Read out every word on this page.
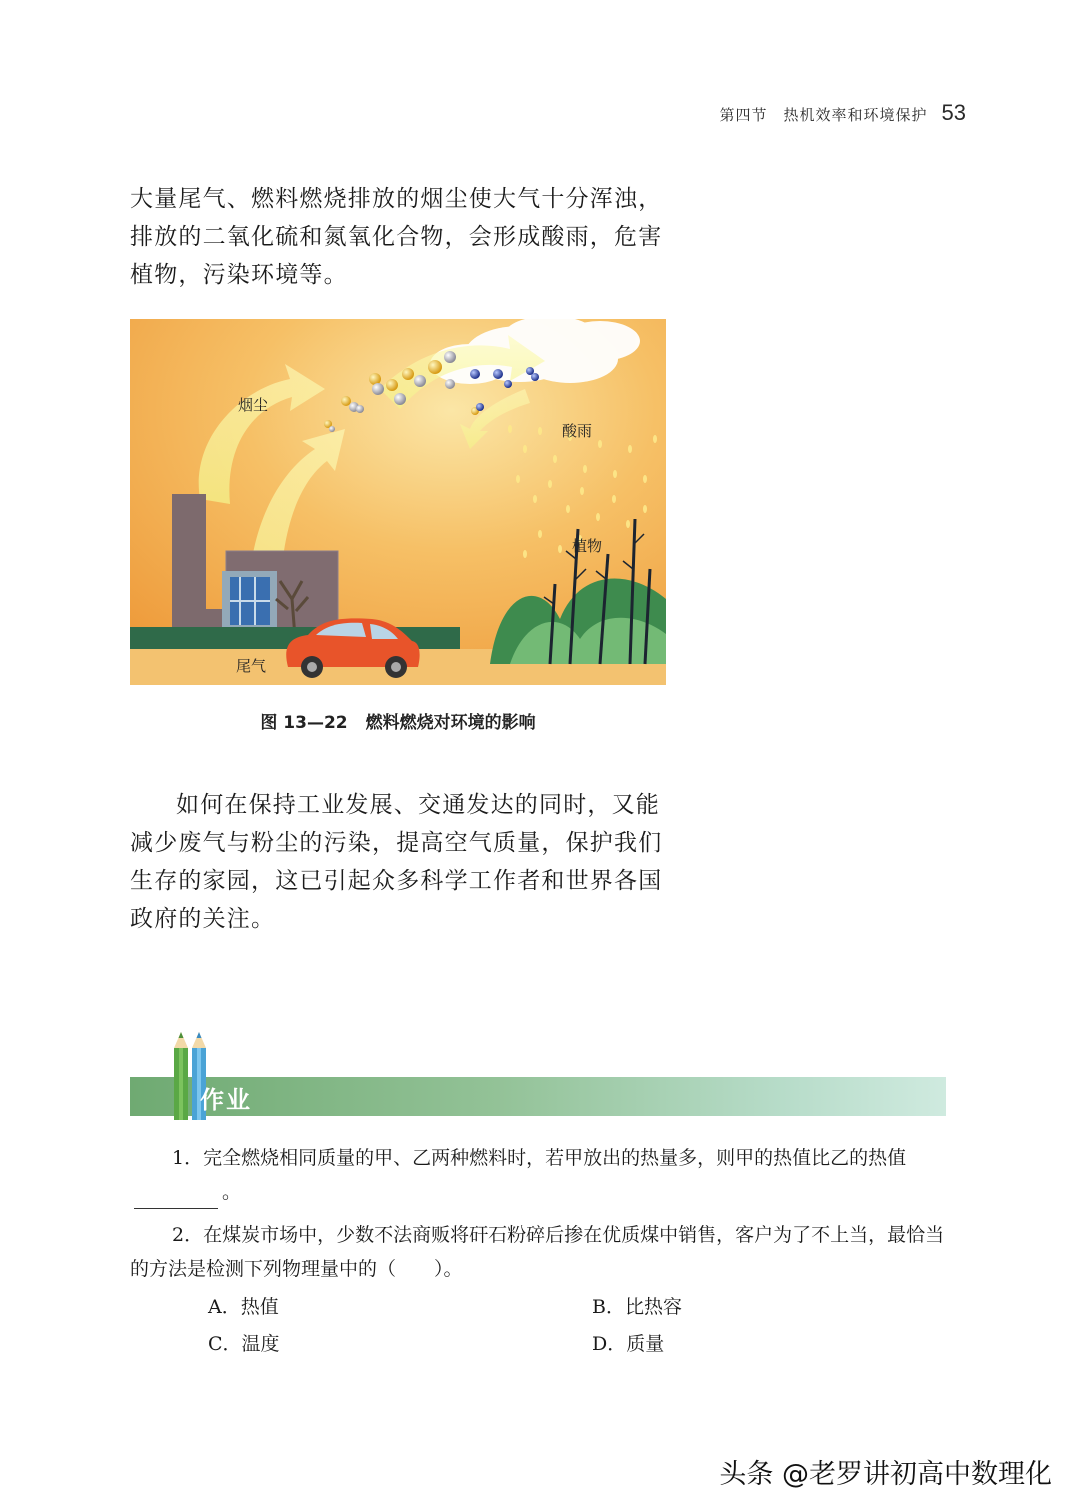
第四节　热机效率和环境保护 53

大量尾气、燃料燃烧排放的烟尘使大气十分浑浊，排放的二氧化硫和氮氧化合物，会形成酸雨，危害植物，污染环境等。

烟尘
酸雨
植物
尾气
图 13—22 燃料燃烧对环境的影响

如何在保持工业发展、交通发达的同时，又能减少废气与粉尘的污染，提高空气质量，保护我们生存的家园，这已引起众多科学工作者和世界各国政府的关注。

作业

1．完全燃烧相同质量的甲、乙两种燃料时，若甲放出的热量多，则甲的热值比乙的热值。

2．在煤炭市场中，少数不法商贩将矸石粉碎后掺在优质煤中销售，客户为了不上当，最恰当的方法是检测下列物理量中的（　　）。

A．热值	B．比热容
C．温度	D．质量
头条 @老罗讲初高中数理化
